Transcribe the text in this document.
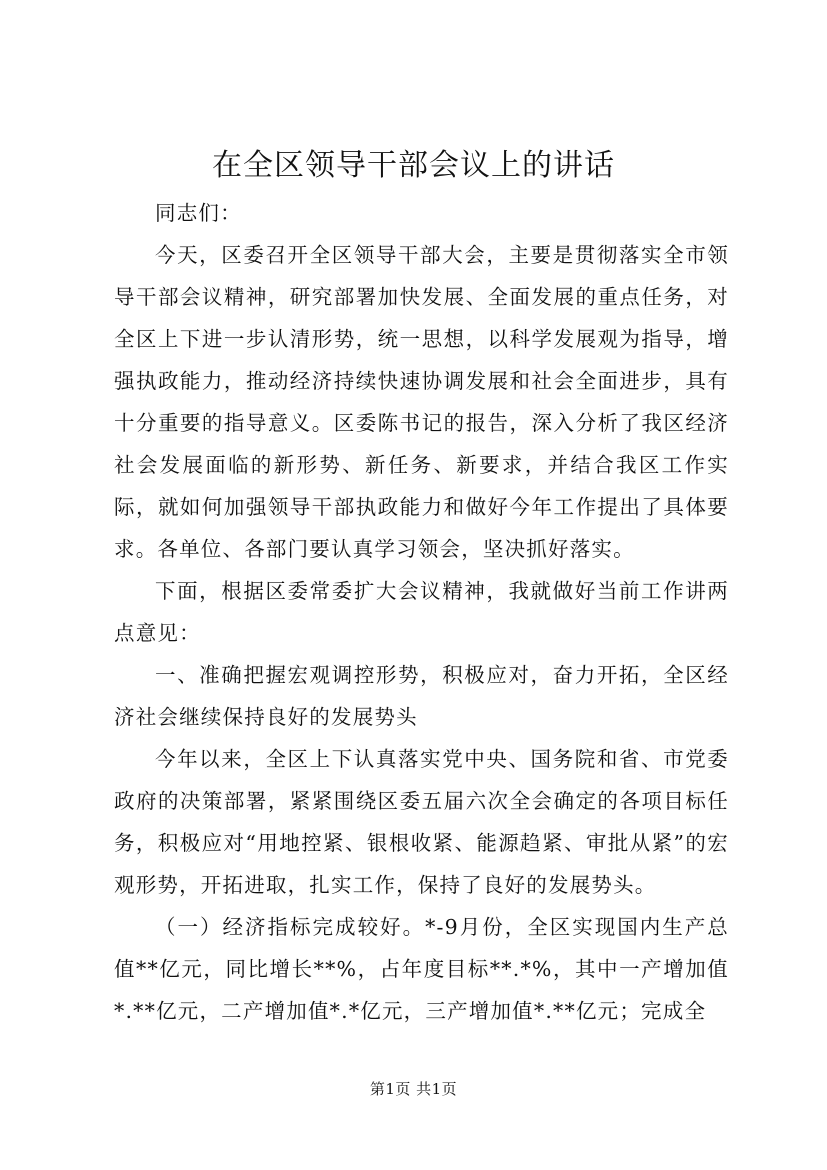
在全区领导干部会议上的讲话

同志们：

今天，区委召开全区领导干部大会，主要是贯彻落实全市领导干部会议精神，研究部署加快发展、全面发展的重点任务，对全区上下进一步认清形势，统一思想，以科学发展观为指导，增强执政能力，推动经济持续快速协调发展和社会全面进步，具有十分重要的指导意义。区委陈书记的报告，深入分析了我区经济社会发展面临的新形势、新任务、新要求，并结合我区工作实际，就如何加强领导干部执政能力和做好今年工作提出了具体要求。各单位、各部门要认真学习领会，坚决抓好落实。

下面，根据区委常委扩大会议精神，我就做好当前工作讲两点意见：

一、准确把握宏观调控形势，积极应对，奋力开拓，全区经济社会继续保持良好的发展势头

今年以来，全区上下认真落实党中央、国务院和省、市党委政府的决策部署，紧紧围绕区委五届六次全会确定的各项目标任务，积极应对“用地控紧、银根收紧、能源趋紧、审批从紧”的宏观形势，开拓进取，扎实工作，保持了良好的发展势头。

（一）经济指标完成较好。*-9月份，全区实现国内生产总值**亿元，同比增长**%，占年度目标**.*%，其中一产增加值*.**亿元，二产增加值*.*亿元，三产增加值*.**亿元；完成全

第1页 共1页
